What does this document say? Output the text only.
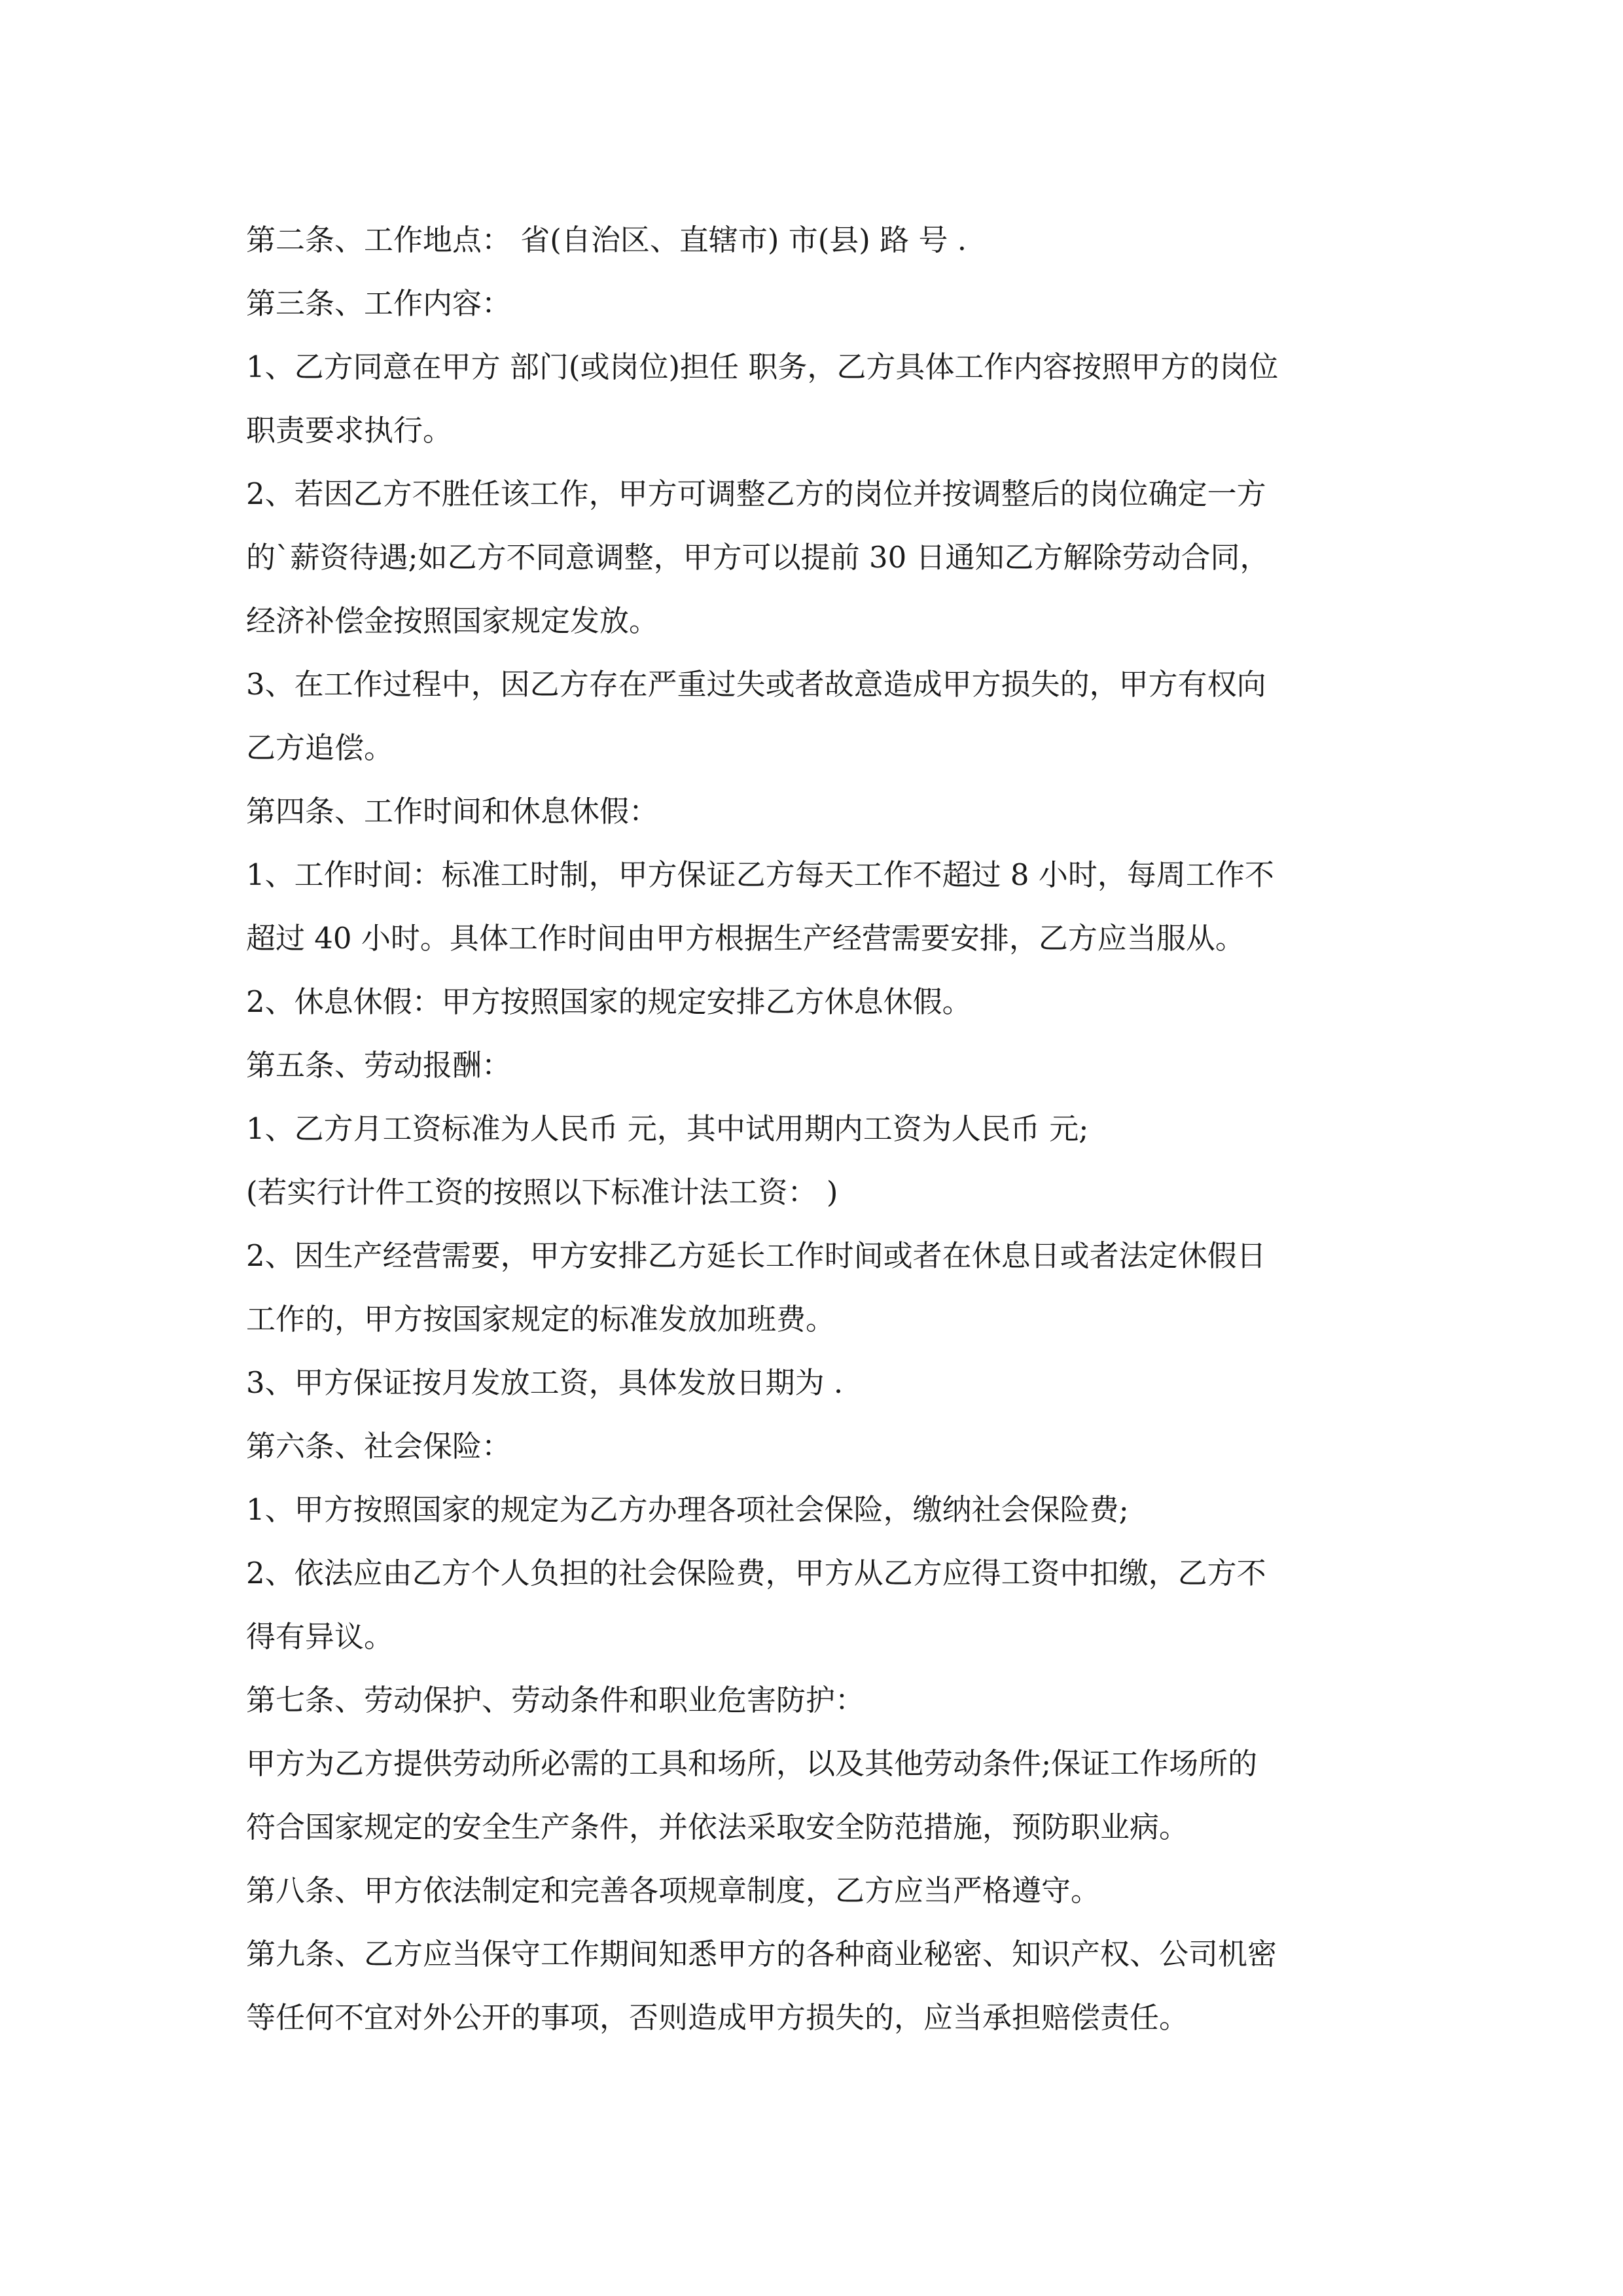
第二条、工作地点： 省(自治区、直辖市) 市(县) 路 号 .
第三条、工作内容：
1、乙方同意在甲方 部门(或岗位)担任 职务，乙方具体工作内容按照甲方的岗位
职责要求执行。
2、若因乙方不胜任该工作，甲方可调整乙方的岗位并按调整后的岗位确定一方
的`薪资待遇;如乙方不同意调整，甲方可以提前 30 日通知乙方解除劳动合同，
经济补偿金按照国家规定发放。
3、在工作过程中，因乙方存在严重过失或者故意造成甲方损失的，甲方有权向
乙方追偿。
第四条、工作时间和休息休假：
1、工作时间：标准工时制，甲方保证乙方每天工作不超过 8 小时，每周工作不
超过 40 小时。具体工作时间由甲方根据生产经营需要安排，乙方应当服从。
2、休息休假：甲方按照国家的规定安排乙方休息休假。
第五条、劳动报酬：
1、乙方月工资标准为人民币 元，其中试用期内工资为人民币 元;
(若实行计件工资的按照以下标准计法工资： )
2、因生产经营需要，甲方安排乙方延长工作时间或者在休息日或者法定休假日
工作的，甲方按国家规定的标准发放加班费。
3、甲方保证按月发放工资，具体发放日期为 .
第六条、社会保险：
1、甲方按照国家的规定为乙方办理各项社会保险，缴纳社会保险费;
2、依法应由乙方个人负担的社会保险费，甲方从乙方应得工资中扣缴，乙方不
得有异议。
第七条、劳动保护、劳动条件和职业危害防护：
甲方为乙方提供劳动所必需的工具和场所，以及其他劳动条件;保证工作场所的
符合国家规定的安全生产条件，并依法采取安全防范措施，预防职业病。
第八条、甲方依法制定和完善各项规章制度，乙方应当严格遵守。
第九条、乙方应当保守工作期间知悉甲方的各种商业秘密、知识产权、公司机密
等任何不宜对外公开的事项，否则造成甲方损失的，应当承担赔偿责任。
